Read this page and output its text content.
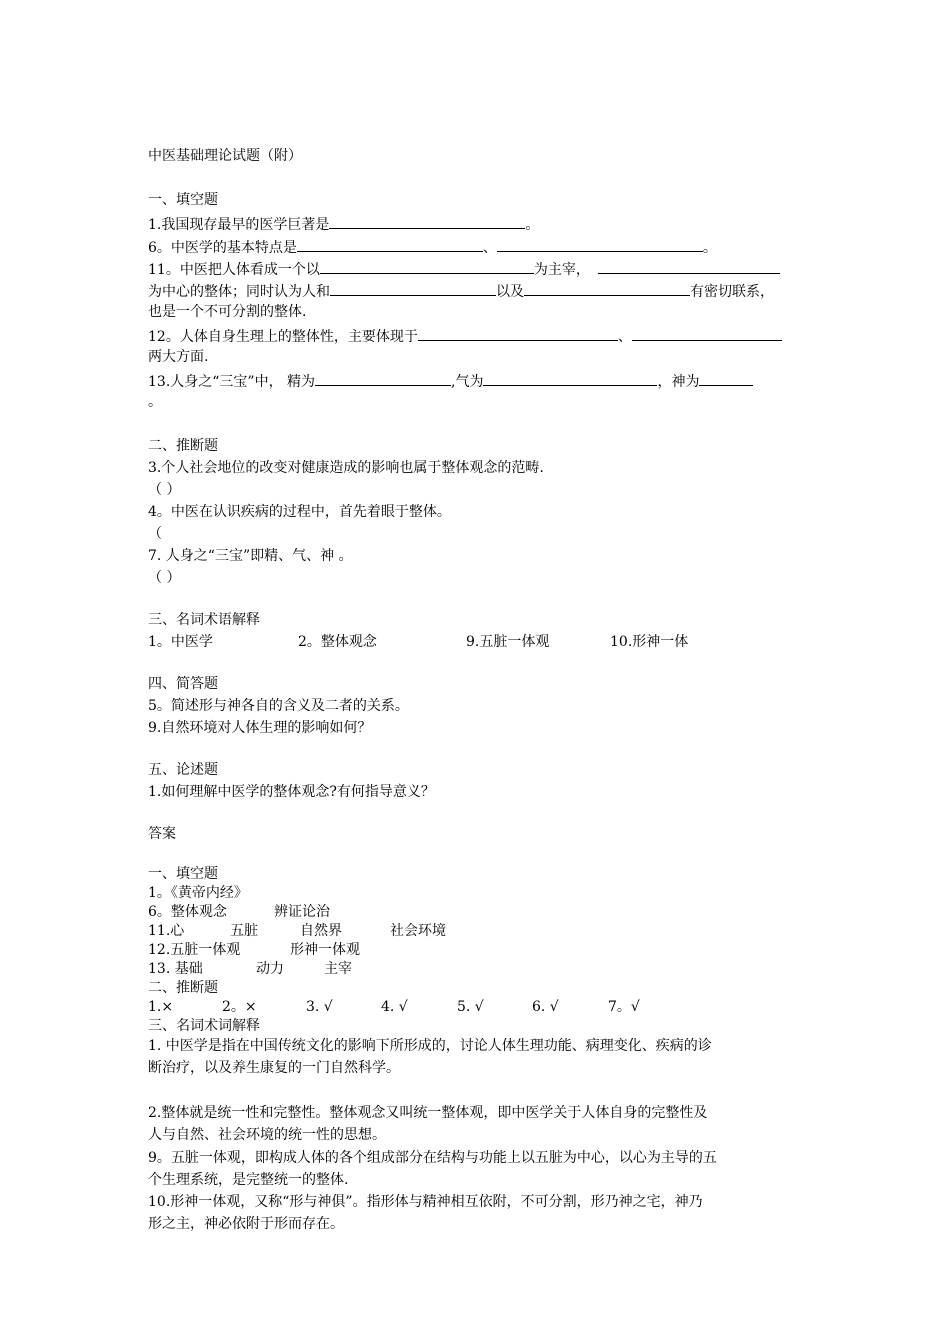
中医基础理论试题（附）
一、填空题
1.我国现存最早的医学巨著是	。
6。中医学的基本特点是	、	。
11。中医把人体看成一个以	为主宰，
为中心的整体；同时认为人和	以及	有密切联系，
也是一个不可分割的整体.
12。人体自身生理上的整体性，主要体现于	、
两大方面.
13.人身之“三宝”中， 精为	,气为	，神为
。
二、推断题
3.个人社会地位的改变对健康造成的影响也属于整体观念的范畴.
（ ）
4。中医在认识疾病的过程中，首先着眼于整体。
（
7. 人身之“三宝”即精、气、神 。
（ ）
三、名词术语解释
1。中医学	2。整体观念	9.五脏一体观	10.形神一体
四、简答题
5。简述形与神各自的含义及二者的关系。
9.自然环境对人体生理的影响如何？
五、论述题
1.如何理解中医学的整体观念?有何指导意义？
答案
一、填空题
1。《黄帝内经》
6。整体观念	辨证论治
11.心	五脏	自然界	社会环境
12.五脏一体观	形神一体观
13. 基础	动力	主宰
二、推断题
1.×	2。×	3. √	4. √	5. √	6. √	7。√
三、名词术词解释
1. 中医学是指在中国传统文化的影响下所形成的，讨论人体生理功能、病理变化、疾病的诊
断治疗，以及养生康复的一门自然科学。
2.整体就是统一性和完整性。整体观念又叫统一整体观，即中医学关于人体自身的完整性及
人与自然、社会环境的统一性的思想。
9。五脏一体观，即构成人体的各个组成部分在结构与功能上以五脏为中心，以心为主导的五
个生理系统，是完整统一的整体.
10.形神一体观，又称“形与神俱”。指形体与精神相互依附，不可分割，形乃神之宅，神乃
形之主，神必依附于形而存在。
